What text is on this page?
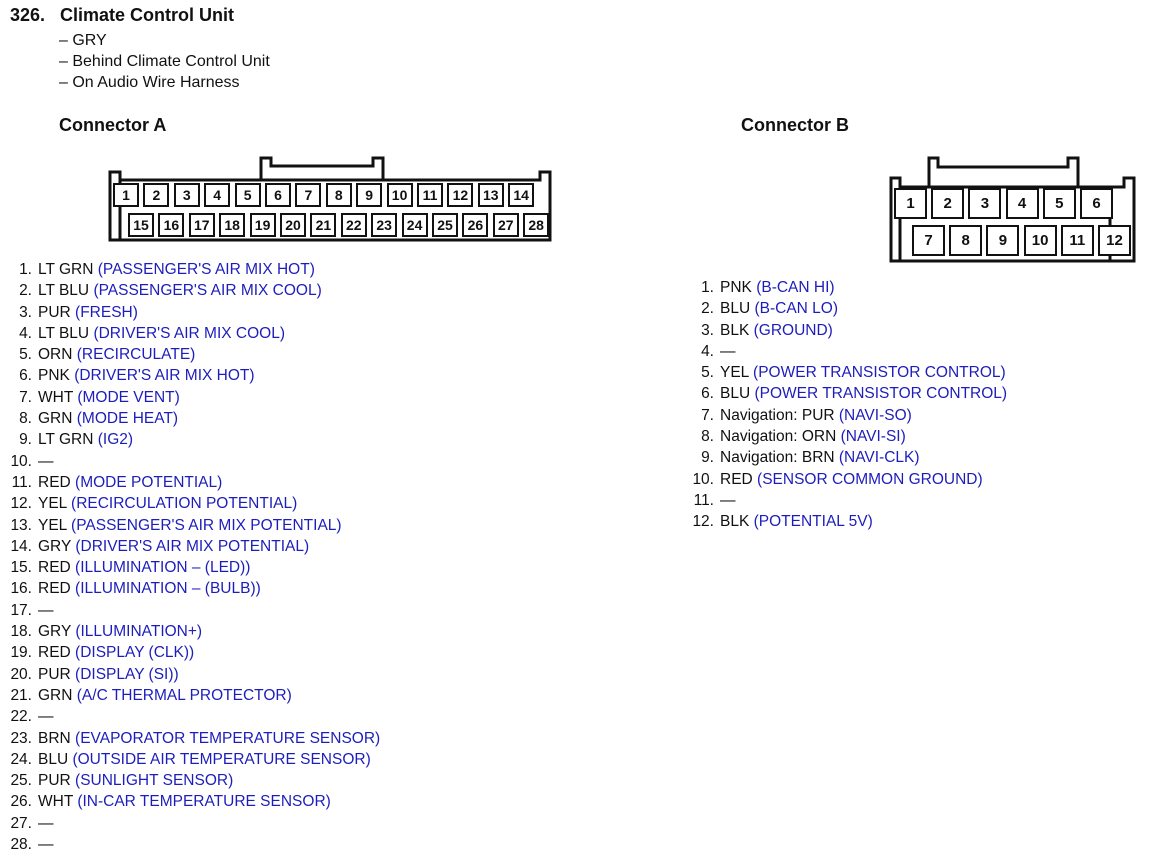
326. Climate Control Unit
– GRY
– Behind Climate Control Unit
– On Audio Wire Harness
Connector A	Connector B
1	2	3	4	5	6	7	8	9	10	11	12	13	14
15	16	17	18	19	20	21	22	23	24	25	26	27	28
1	2	3	4	5	6
7	8	9	10	11	12
1. LT GRN (PASSENGER'S AIR MIX HOT)
2. LT BLU (PASSENGER'S AIR MIX COOL)
3. PUR (FRESH)
4. LT BLU (DRIVER'S AIR MIX COOL)
5. ORN (RECIRCULATE)
6. PNK (DRIVER'S AIR MIX HOT)
7. WHT (MODE VENT)
8. GRN (MODE HEAT)
9. LT GRN (IG2)
10. —
11. RED (MODE POTENTIAL)
12. YEL (RECIRCULATION POTENTIAL)
13. YEL (PASSENGER'S AIR MIX POTENTIAL)
14. GRY (DRIVER'S AIR MIX POTENTIAL)
15. RED (ILLUMINATION – (LED))
16. RED (ILLUMINATION – (BULB))
17. —
18. GRY (ILLUMINATION+)
19. RED (DISPLAY (CLK))
20. PUR (DISPLAY (SI))
21. GRN (A/C THERMAL PROTECTOR)
22. —
23. BRN (EVAPORATOR TEMPERATURE SENSOR)
24. BLU (OUTSIDE AIR TEMPERATURE SENSOR)
25. PUR (SUNLIGHT SENSOR)
26. WHT (IN-CAR TEMPERATURE SENSOR)
27. —
28. —
1. PNK (B-CAN HI)
2. BLU (B-CAN LO)
3. BLK (GROUND)
4. —
5. YEL (POWER TRANSISTOR CONTROL)
6. BLU (POWER TRANSISTOR CONTROL)
7. Navigation: PUR (NAVI-SO)
8. Navigation: ORN (NAVI-SI)
9. Navigation: BRN (NAVI-CLK)
10. RED (SENSOR COMMON GROUND)
11. —
12. BLK (POTENTIAL 5V)
